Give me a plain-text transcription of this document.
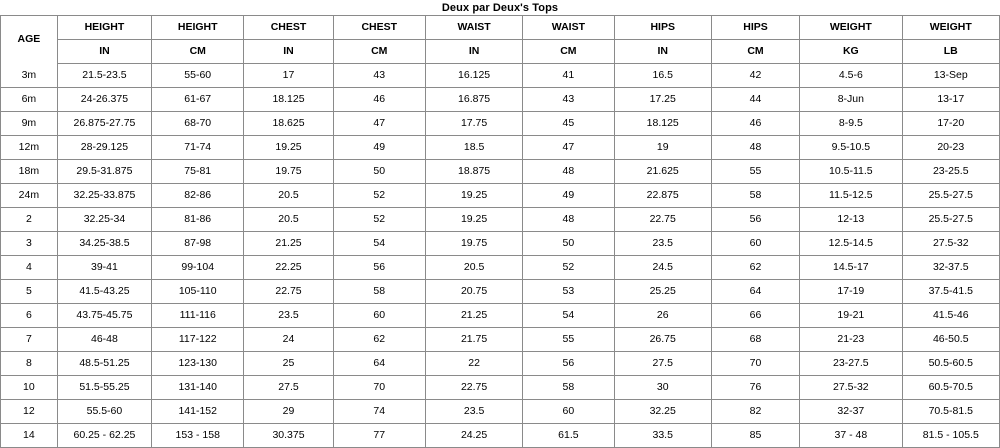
Deux par Deux's Tops
AGE	HEIGHT	HEIGHT	CHEST	CHEST	WAIST	WAIST	HIPS	HIPS	WEIGHT	WEIGHT
	IN	CM	IN	CM	IN	CM	IN	CM	KG	LB
3m	21.5-23.5	55-60	17	43	16.125	41	16.5	42	4.5-6	13-Sep
6m	24-26.375	61-67	18.125	46	16.875	43	17.25	44	8-Jun	13-17
9m	26.875-27.75	68-70	18.625	47	17.75	45	18.125	46	8-9.5	17-20
12m	28-29.125	71-74	19.25	49	18.5	47	19	48	9.5-10.5	20-23
18m	29.5-31.875	75-81	19.75	50	18.875	48	21.625	55	10.5-11.5	23-25.5
24m	32.25-33.875	82-86	20.5	52	19.25	49	22.875	58	11.5-12.5	25.5-27.5
2	32.25-34	81-86	20.5	52	19.25	48	22.75	56	12-13	25.5-27.5
3	34.25-38.5	87-98	21.25	54	19.75	50	23.5	60	12.5-14.5	27.5-32
4	39-41	99-104	22.25	56	20.5	52	24.5	62	14.5-17	32-37.5
5	41.5-43.25	105-110	22.75	58	20.75	53	25.25	64	17-19	37.5-41.5
6	43.75-45.75	111-116	23.5	60	21.25	54	26	66	19-21	41.5-46
7	46-48	117-122	24	62	21.75	55	26.75	68	21-23	46-50.5
8	48.5-51.25	123-130	25	64	22	56	27.5	70	23-27.5	50.5-60.5
10	51.5-55.25	131-140	27.5	70	22.75	58	30	76	27.5-32	60.5-70.5
12	55.5-60	141-152	29	74	23.5	60	32.25	82	32-37	70.5-81.5
14	60.25 - 62.25	153 - 158	30.375	77	24.25	61.5	33.5	85	37 - 48	81.5 - 105.5
